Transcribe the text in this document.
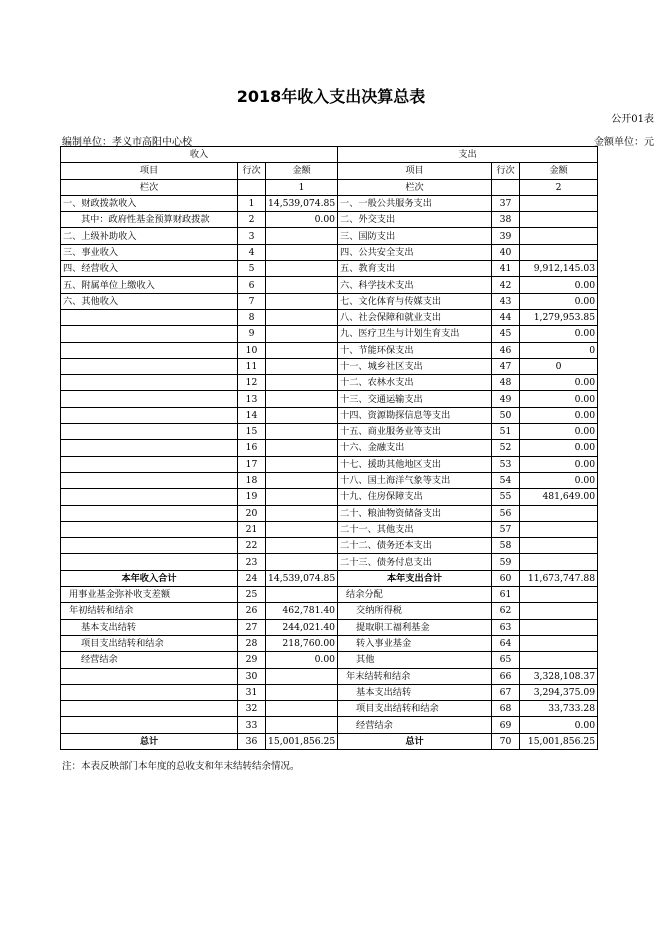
2018年收入支出决算总表
公开01表
编制单位：孝义市高阳中心校	金额单位：元
收入			支出		
项目	行次	金额	项目	行次	金额
栏次		1	栏次		2
一、财政拨款收入	1	14,539,074.85	一、一般公共服务支出	37	
其中：政府性基金预算财政拨款	2	0.00	二、外交支出	38	
二、上级补助收入	3		三、国防支出	39	
三、事业收入	4		四、公共安全支出	40	
四、经营收入	5		五、教育支出	41	9,912,145.03
五、附属单位上缴收入	6		六、科学技术支出	42	0.00
六、其他收入	7		七、文化体育与传媒支出	43	0.00
	8		八、社会保障和就业支出	44	1,279,953.85
	9		九、医疗卫生与计划生育支出	45	0.00
	10		十、节能环保支出	46	0
	11		十一、城乡社区支出	47	0
	12		十二、农林水支出	48	0.00
	13		十三、交通运输支出	49	0.00
	14		十四、资源勘探信息等支出	50	0.00
	15		十五、商业服务业等支出	51	0.00
	16		十六、金融支出	52	0.00
	17		十七、援助其他地区支出	53	0.00
	18		十八、国土海洋气象等支出	54	0.00
	19		十九、住房保障支出	55	481,649.00
	20		二十、粮油物资储备支出	56	
	21		二十一、其他支出	57	
	22		二十二、债务还本支出	58	
	23		二十三、债务付息支出	59	
本年收入合计	24	14,539,074.85	本年支出合计	60	11,673,747.88
用事业基金弥补收支差额	25		结余分配	61	
年初结转和结余	26	462,781.40	交纳所得税	62	
基本支出结转	27	244,021.40	提取职工福利基金	63	
项目支出结转和结余	28	218,760.00	转入事业基金	64	
经营结余	29	0.00	其他	65	
	30		年末结转和结余	66	3,328,108.37
	31		基本支出结转	67	3,294,375.09
	32		项目支出结转和结余	68	33,733.28
	33		经营结余	69	0.00
总计	36	15,001,856.25	总计	70	15,001,856.25
注：本表反映部门本年度的总收支和年末结转结余情况。
